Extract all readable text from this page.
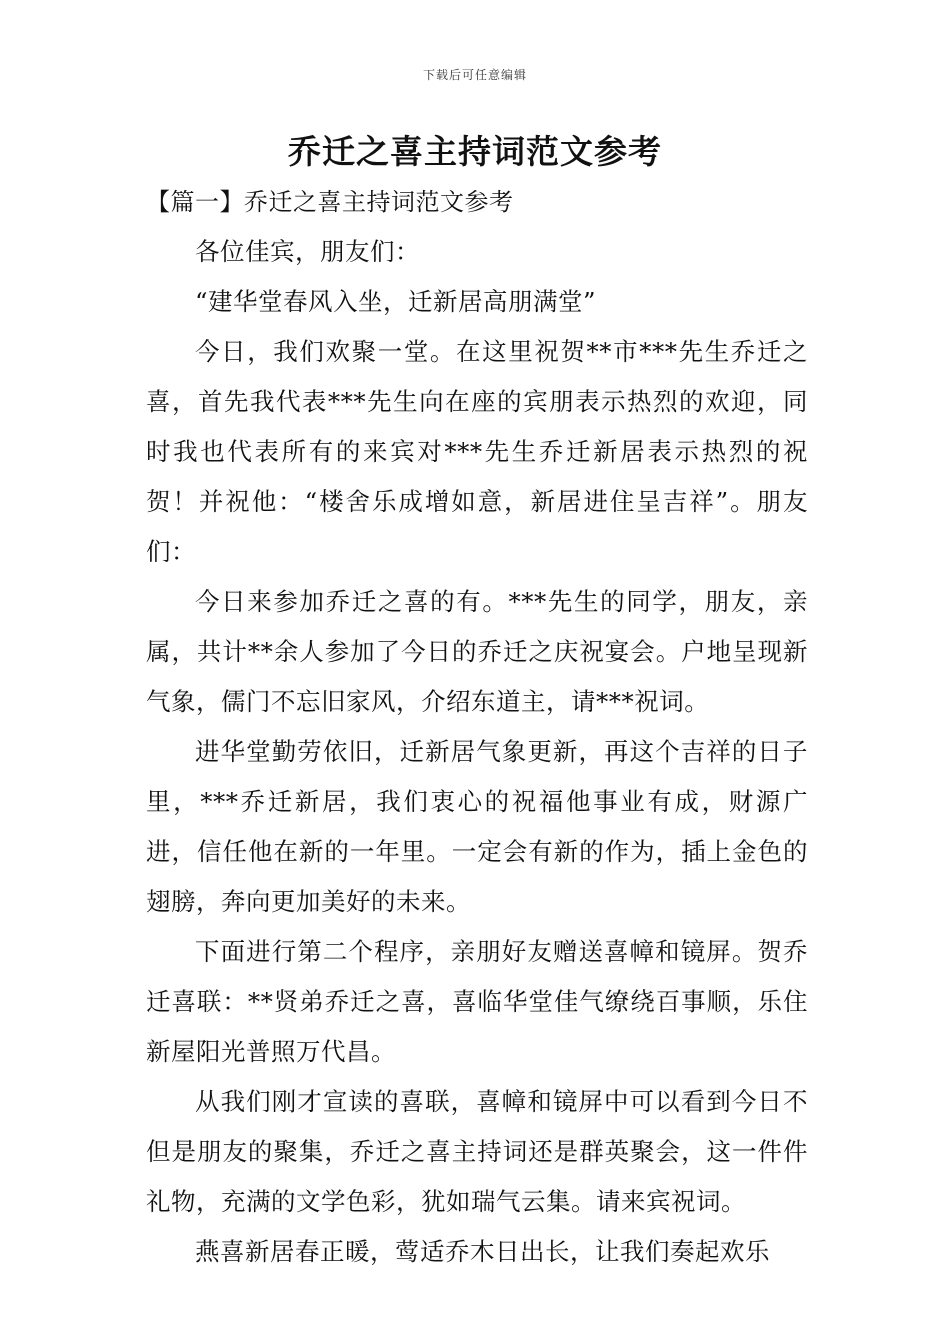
下载后可任意编辑
乔迁之喜主持词范文参考
【篇一】乔迁之喜主持词范文参考

各位佳宾，朋友们：

“建华堂春风入坐，迁新居高朋满堂”

今日，我们欢聚一堂。在这里祝贺**市***先生乔迁之喜，首先我代表***先生向在座的宾朋表示热烈的欢迎，同时我也代表所有的来宾对***先生乔迁新居表示热烈的祝贺！并祝他：“楼舍乐成增如意，新居进住呈吉祥”。朋友们：

今日来参加乔迁之喜的有。***先生的同学，朋友，亲属，共计**余人参加了今日的乔迁之庆祝宴会。户地呈现新气象，儒门不忘旧家风，介绍东道主，请***祝词。

进华堂勤劳依旧，迁新居气象更新，再这个吉祥的日子里，***乔迁新居，我们衷心的祝福他事业有成，财源广进，信任他在新的一年里。一定会有新的作为，插上金色的翅膀，奔向更加美好的未来。

下面进行第二个程序，亲朋好友赠送喜幛和镜屏。贺乔迁喜联：**贤弟乔迁之喜，喜临华堂佳气缭绕百事顺，乐住新屋阳光普照万代昌。

从我们刚才宣读的喜联，喜幛和镜屏中可以看到今日不但是朋友的聚集，乔迁之喜主持词还是群英聚会，这一件件礼物，充满的文学色彩，犹如瑞气云集。请来宾祝词。

燕喜新居春正暖，莺适乔木日出长，让我们奏起欢乐
